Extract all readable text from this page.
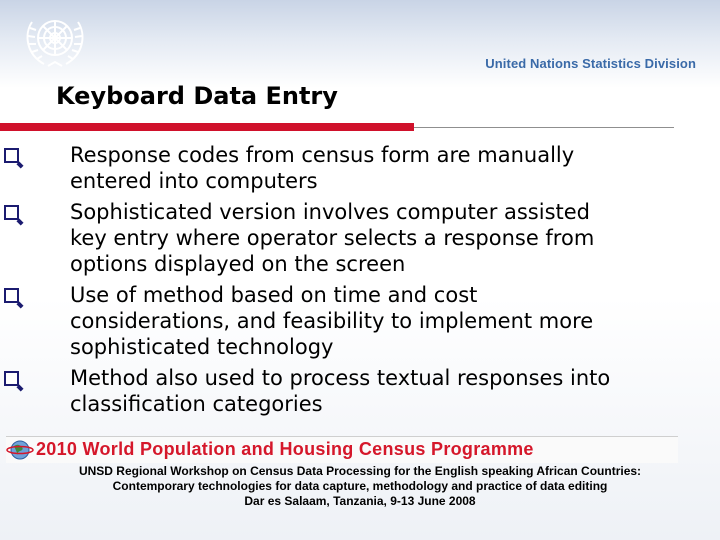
United Nations Statistics Division
Keyboard Data Entry
Response codes from census form are manually
entered into computers
Sophisticated version involves computer assisted
key entry where operator selects a response from
options displayed on the screen
Use of method based on time and cost
considerations, and feasibility to implement more
sophisticated technology
Method also used to process textual responses into
classification categories
2010 World Population and Housing Census Programme
UNSD Regional Workshop on Census Data Processing for the English speaking African Countries:
Contemporary technologies for data capture, methodology and practice of data editing
Dar es Salaam, Tanzania, 9-13 June 2008
